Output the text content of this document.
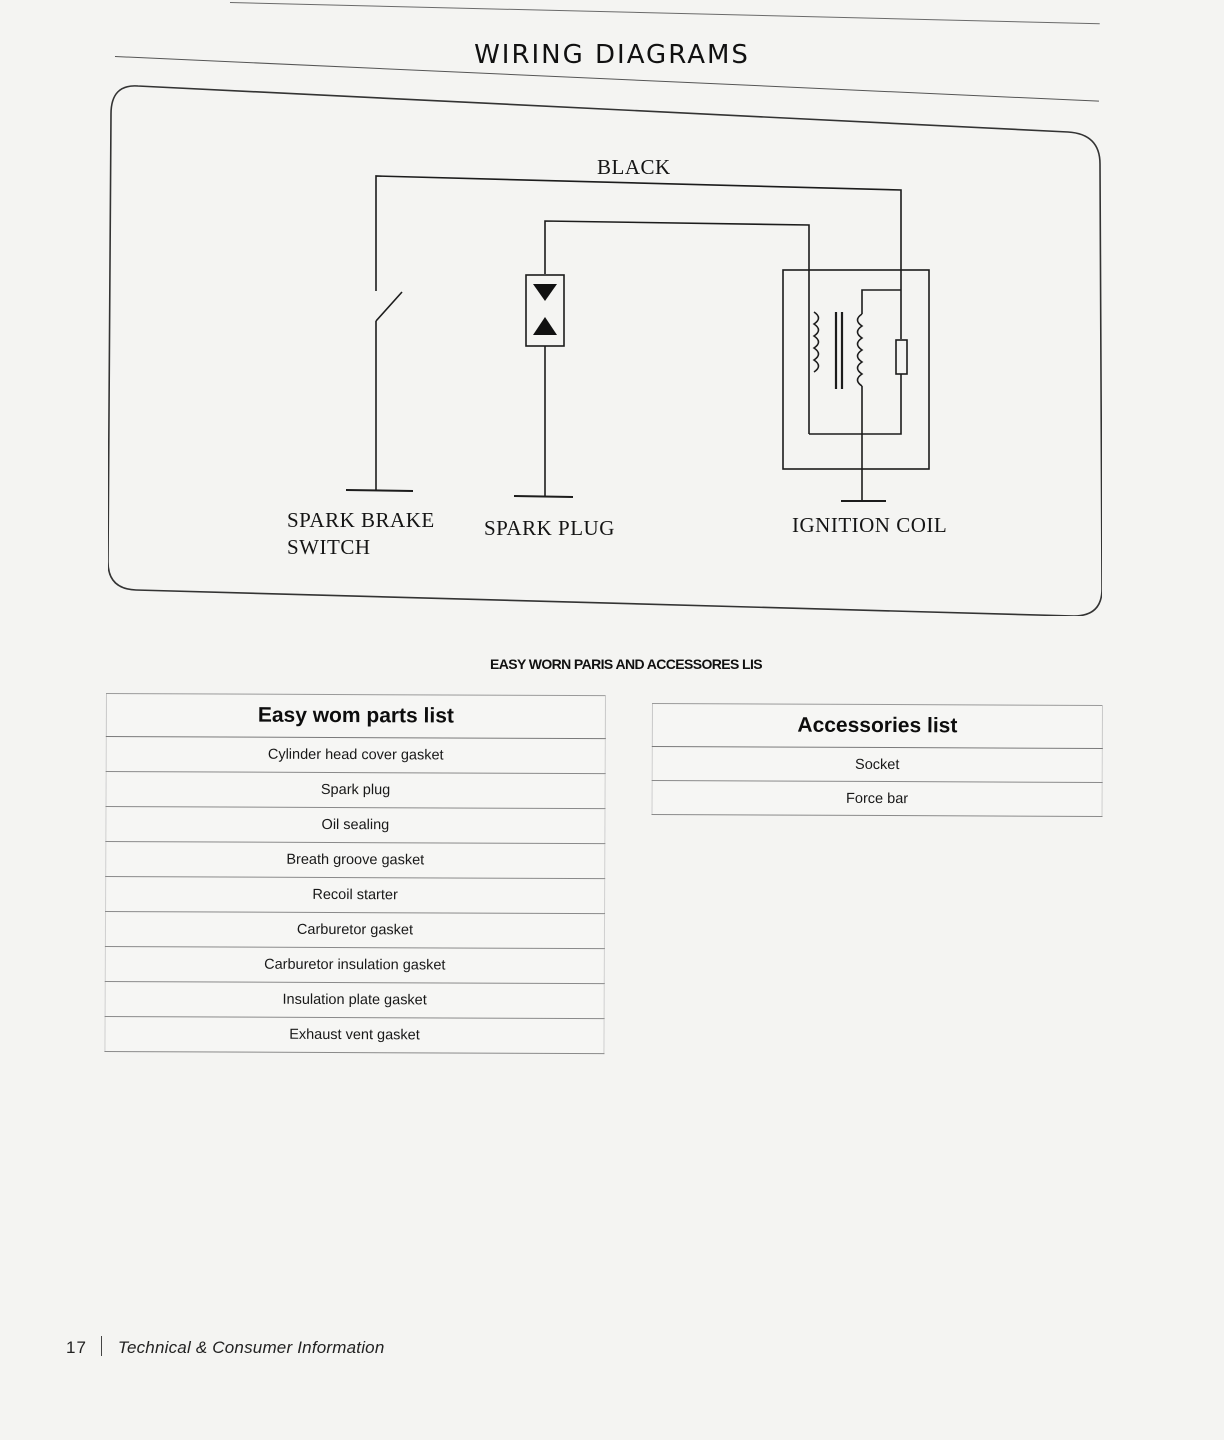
WIRING DIAGRAMS
BLACK
SPARK BRAKE
SWITCH
SPARK PLUG	IGNITION COIL
EASY WORN PARIS AND ACCESSORES LIS
Easy wom parts list
Cylinder head cover gasket
Spark plug
Oil sealing
Breath groove gasket
Recoil starter
Carburetor gasket
Carburetor insulation gasket
Insulation plate gasket
Exhaust vent gasket
Accessories list
Socket
Force bar
17 Technical & Consumer Information
